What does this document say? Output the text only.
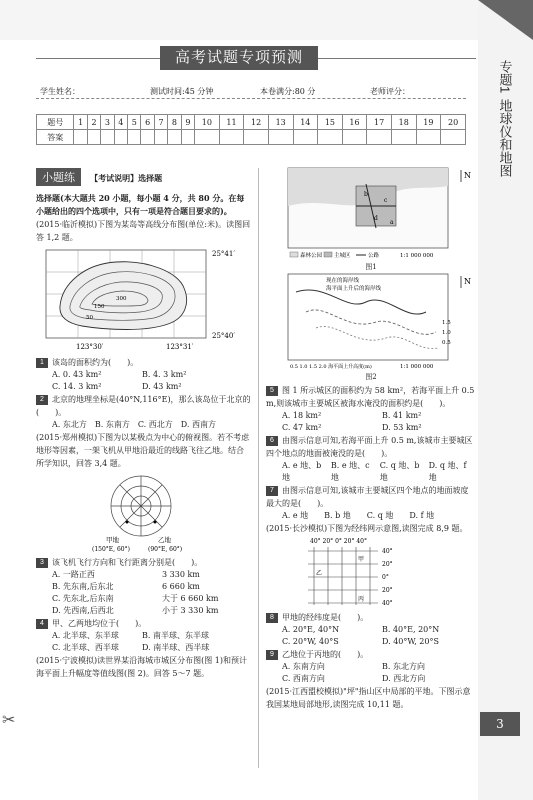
高考试题专项预测
学生姓名：	测试时间:45 分钟	本卷满分:80 分	老师评分：
题号	1	2	3	4	5	6	7	8	9	10	11	12	13	14	15	16	17	18	19	20
答案																				
专题1
地球仪和地图
3
✂
小题练 【考试说明】选择题
选择题(本大题共 20 小题，每小题 4 分，共 80 分。在每小题给出的四个选项中，只有一项是符合题目要求的)。
(2015·临沂模拟)下图为某岛等高线分布图(单位:米)。读图回答 1,2 题。
25°41′
25°40′
123°30′	123°31′
50
150
300
1 该岛的面积约为(　　)。
A. 0. 43 km²	B. 4. 3 km²
C. 14. 3 km²	D. 43 km²
2 北京的地理坐标是(40°N,116°E)，那么该岛位于北京的(　　)。
A. 东北方　B. 东南方　C. 西北方　D. 西南方
(2015·郑州模拟)下图为以某极点为中心的俯视图。若不考虑地形等因素，一架飞机从甲地沿最近的线路飞往乙地。结合所学知识，回答 3,4 题。
甲地	乙地
(150°E, 60°)	(90°E, 60°)
3 该飞机飞行方向和飞行距离分别是(　　)。
A. 一路正西	3 330 km
B. 先东南,后东北	6 660 km
C. 先东北,后东南	大于 6 660 km
D. 先西南,后西北	小于 3 330 km
4 甲、乙两地均位于(　　)。
A. 北半球、东半球	B. 南半球、东半球
C. 北半球、西半球	D. 南半球、西半球
(2015·宁波模拟)读世界某沿海城市城区分布图(图 1)和预计海平面上升幅度等值线图(图 2)。回答 5～7 题。
N
b
c
d
a
森林公园 主城区	公路	1:1 000 000
图1
N
现在的海岸线
海平面上升后的海岸线
1.5
1.0
0.5
0.5 1.0 1.5 2.0 海平面上升高度(m)	1:1 000 000
图2
5 图 1 所示城区的面积约为 58 km²，若海平面上升 0.5 m,则该城市主要城区被海水淹没的面积约是(　　)。
A. 18 km²	B. 41 km²
C. 47 km²	D. 53 km²
6 由图示信息可知,若海平面上升 0.5 m,该城市主要城区四个地点的地面被淹没的是(　　)。
A. e 地、b 地
B. e 地、c 地
C. q 地、b 地
D. q 地、f 地
7 由图示信息可知,该城市主要城区四个地点的地面坡度最大的是(　　)。
A. e 地　　B. b 地　　C. q 地　　D. f 地
(2015·长沙模拟)下图为经纬网示意图,读图完成 8,9 题。
40° 20° 0° 20° 40°
40°
20°
0°
20°
40°
甲
乙
丙
8 甲地的经纬度是(　　)。
A. 20°E, 40°N	B. 40°E, 20°N
C. 20°W, 40°S	D. 40°W, 20°S
9 乙地位于丙地的(　　)。
A. 东南方向	B. 东北方向
C. 西南方向	D. 西北方向
(2015·江西盟校模拟)"坪"指山区中局部的平地。下图示意我国某地局部地形,读图完成 10,11 题。
